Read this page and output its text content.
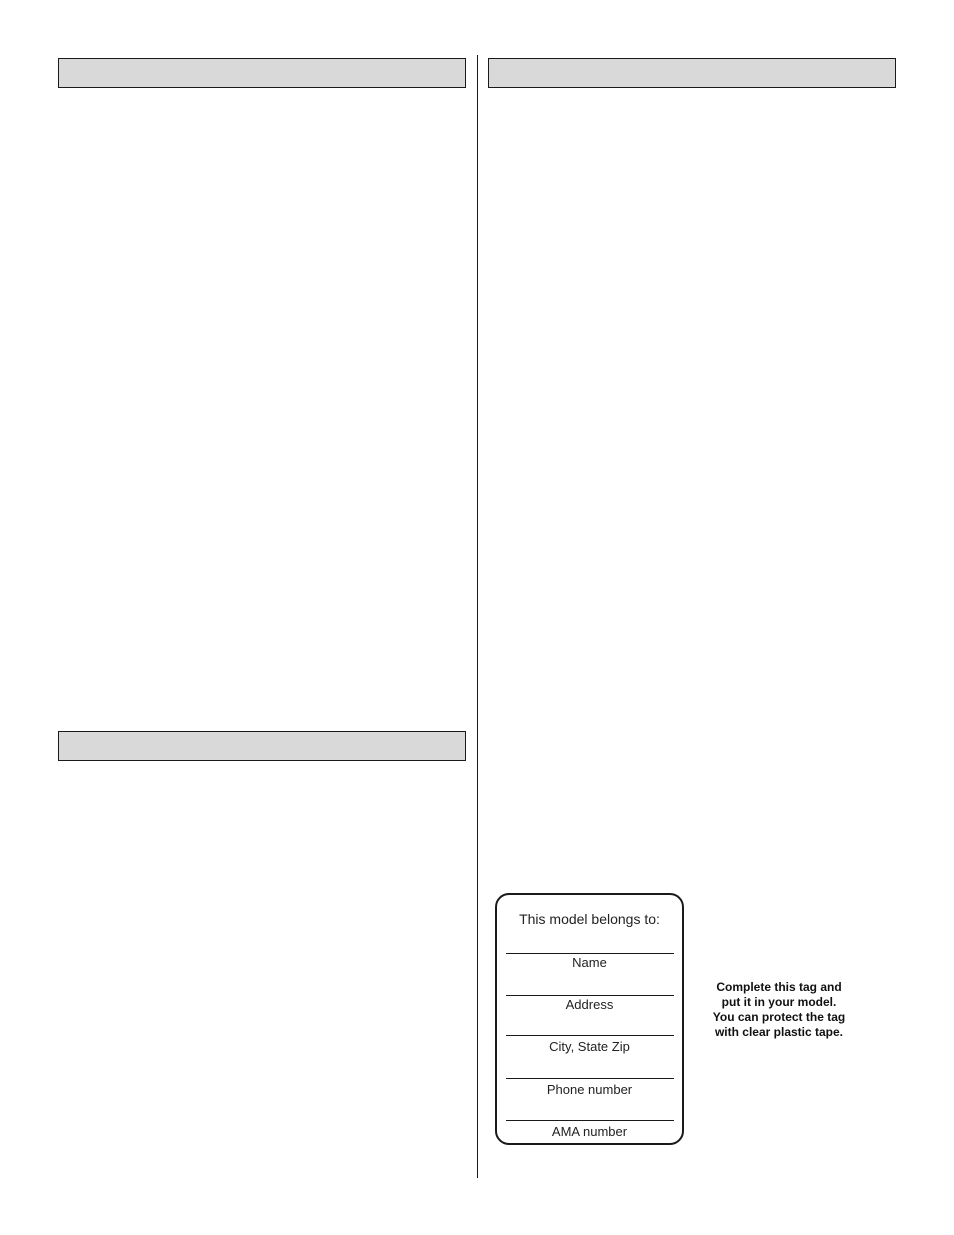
This model belongs to:
Name
Address
City, State Zip
Phone number
AMA number
Complete this tag and
put it in your model.
You can protect the tag
with clear plastic tape.
